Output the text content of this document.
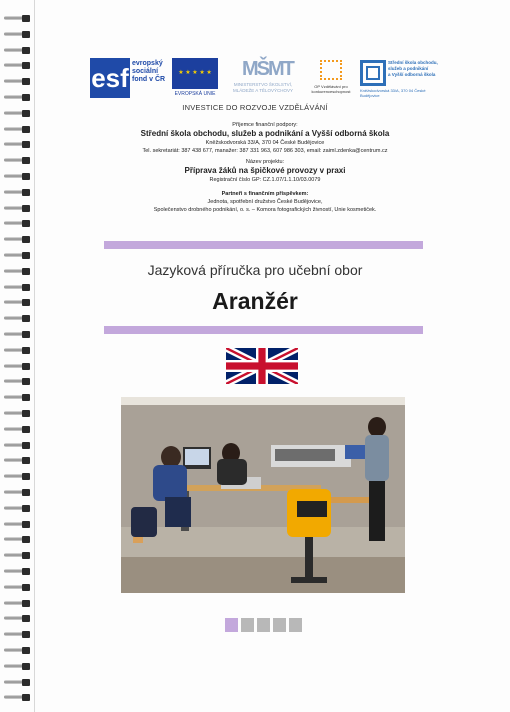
esf evropský
sociální
fond v ČR
★ ★ ★ ★ ★
EVROPSKÁ UNIE
MŠMT
MINISTERSTVO ŠKOLSTVÍ, MLÁDEŽE A TĚLOVÝCHOVY
OP Vzdělávání pro konkurenceschopnost
Střední škola obchodu,
služeb a podnikání
a Vyšší odborná škola
Kněžskodvorská 33/A, 370 04 České Budějovice
INVESTICE DO ROZVOJE VZDĚLÁVÁNÍ
Příjemce finanční podpory:
Střední škola obchodu, služeb a podnikání a Vyšší odborná škola
Kněžskodvorská 33/A, 370 04 České Budějovice
Tel. sekretariát: 387 438 677, manažer: 387 331 963, 607 986 303, email: zaiml.zdenka@centrum.cz
Název projektu:
Příprava žáků na špičkové provozy v praxi
Registrační číslo GP: CZ.1.07/1.1.10/03.0079
Partneři s finančním příspěvkem:
Jednota, spotřební družstvo České Budějovice,
Společenstvo drobného podnikání, o. s. – Komora fotografických živností, Unie kosmetiček.
Jazyková příručka pro učební obor
Aranžér
